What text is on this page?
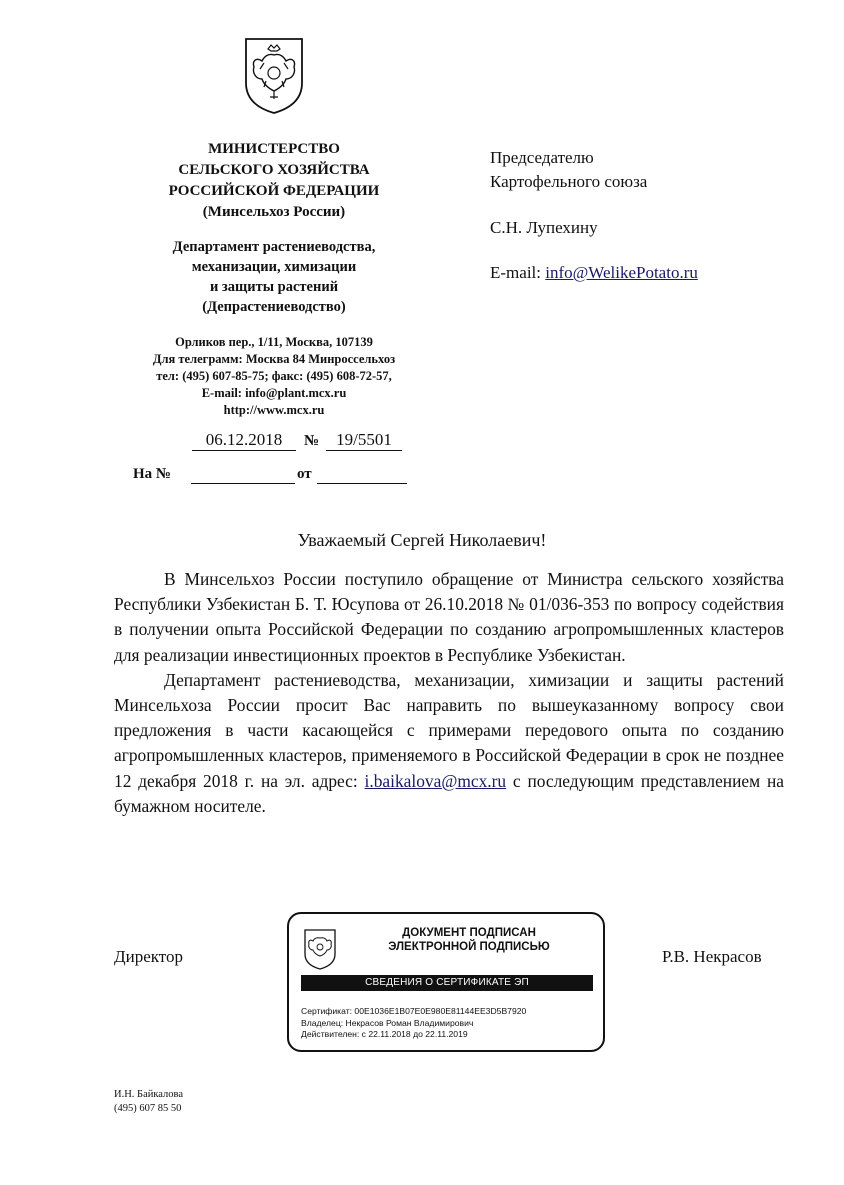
МИНИСТЕРСТВО
СЕЛЬСКОГО ХОЗЯЙСТВА
РОССИЙСКОЙ ФЕДЕРАЦИИ
(Минсельхоз России)
Департамент растениеводства,
механизации, химизации
и защиты растений
(Депрастениеводство)
Орликов пер., 1/11, Москва, 107139
Для телеграмм: Москва 84 Минроссельхоз
тел: (495) 607-85-75; факс: (495) 608-72-57,
E-mail: info@plant.mcx.ru
http://www.mcx.ru
06.12.2018	№	19/5501
На №	от

Председателю

Картофельного союза

С.Н. Лупехину

E-mail: info@WelikePotato.ru

Уважаемый Сергей Николаевич!

В Минсельхоз России поступило обращение от Министра сельского хозяйства Республики Узбекистан Б. Т. Юсупова от 26.10.2018 № 01/036-353 по вопросу содействия в получении опыта Российской Федерации по созданию агропромышленных кластеров для реализации инвестиционных проектов в Республике Узбекистан.

Департамент растениеводства, механизации, химизации и защиты растений Минсельхоза России просит Вас направить по вышеуказанному вопросу свои предложения в части касающейся с примерами передового опыта по созданию агропромышленных кластеров, применяемого в Российской Федерации в срок не позднее 12 декабря 2018 г. на эл. адрес: i.baikalova@mcx.ru с последующим представлением на бумажном носителе.

Директор	Р.В. Некрасов
ДОКУМЕНТ ПОДПИСАН
ЭЛЕКТРОННОЙ ПОДПИСЬЮ
СВЕДЕНИЯ О СЕРТИФИКАТЕ ЭП
Сертификат: 00E1036E1B07E0E980E81144EE3D5B7920
Владелец: Некрасов Роман Владимирович
Действителен: с 22.11.2018 до 22.11.2019
И.Н. Байкалова
(495) 607 85 50
